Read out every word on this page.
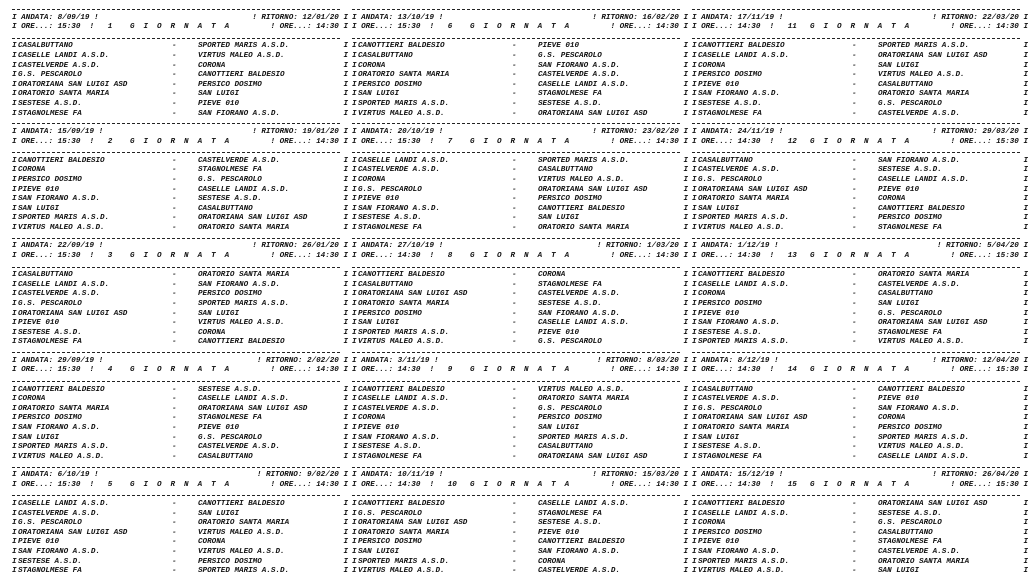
I ANDATA: 8/09/19 !	! RITORNO: 12/01/20 I
I ORE...: 15:30  !   1 G I O R N A T A	! ORE...: 14:30 I
I CASALBUTTANO	-	SPORTED MARIS A.S.D.	I
I CASELLE LANDI A.S.D.	-	VIRTUS MALEO A.S.D.	I
I CASTELVERDE A.S.D.	-	CORONA	I
I G.S. PESCAROLO	-	CANOTTIERI BALDESIO	I
I ORATORIANA SAN LUIGI ASD	-	PERSICO DOSIMO	I
I ORATORIO SANTA MARIA	-	SAN LUIGI	I
I SESTESE A.S.D.	-	PIEVE 010	I
I STAGNOLMESE FA	-	SAN FIORANO A.S.D.	I
I ANDATA: 15/09/19 !	! RITORNO: 19/01/20 I
I ORE...: 15:30  !   2 G I O R N A T A	! ORE...: 14:30 I
I CANOTTIERI BALDESIO	-	CASTELVERDE A.S.D.	I
I CORONA	-	STAGNOLMESE FA	I
I PERSICO DOSIMO	-	G.S. PESCAROLO	I
I PIEVE 010	-	CASELLE LANDI A.S.D.	I
I SAN FIORANO A.S.D.	-	SESTESE A.S.D.	I
I SAN LUIGI	-	CASALBUTTANO	I
I SPORTED MARIS A.S.D.	-	ORATORIANA SAN LUIGI ASD	I
I VIRTUS MALEO A.S.D.	-	ORATORIO SANTA MARIA	I
I ANDATA: 22/09/19 !	! RITORNO: 26/01/20 I
I ORE...: 15:30  !   3 G I O R N A T A	! ORE...: 14:30 I
I CASALBUTTANO	-	ORATORIO SANTA MARIA	I
I CASELLE LANDI A.S.D.	-	SAN FIORANO A.S.D.	I
I CASTELVERDE A.S.D.	-	PERSICO DOSIMO	I
I G.S. PESCAROLO	-	SPORTED MARIS A.S.D.	I
I ORATORIANA SAN LUIGI ASD	-	SAN LUIGI	I
I PIEVE 010	-	VIRTUS MALEO A.S.D.	I
I SESTESE A.S.D.	-	CORONA	I
I STAGNOLMESE FA	-	CANOTTIERI BALDESIO	I
I ANDATA: 29/09/19 !	! RITORNO: 2/02/20 I
I ORE...: 15:30  !   4 G I O R N A T A	! ORE...: 14:30 I
I CANOTTIERI BALDESIO	-	SESTESE A.S.D.	I
I CORONA	-	CASELLE LANDI A.S.D.	I
I ORATORIO SANTA MARIA	-	ORATORIANA SAN LUIGI ASD	I
I PERSICO DOSIMO	-	STAGNOLMESE FA	I
I SAN FIORANO A.S.D.	-	PIEVE 010	I
I SAN LUIGI	-	G.S. PESCAROLO	I
I SPORTED MARIS A.S.D.	-	CASTELVERDE A.S.D.	I
I VIRTUS MALEO A.S.D.	-	CASALBUTTANO	I
I ANDATA: 6/10/19 !	! RITORNO: 9/02/20 I
I ORE...: 15:30  !   5 G I O R N A T A	! ORE...: 14:30 I
I CASELLE LANDI A.S.D.	-	CANOTTIERI BALDESIO	I
I CASTELVERDE A.S.D.	-	SAN LUIGI	I
I G.S. PESCAROLO	-	ORATORIO SANTA MARIA	I
I ORATORIANA SAN LUIGI ASD	-	VIRTUS MALEO A.S.D.	I
I PIEVE 010	-	CORONA	I
I SAN FIORANO A.S.D.	-	VIRTUS MALEO A.S.D.	I
I SESTESE A.S.D.	-	PERSICO DOSIMO	I
I STAGNOLMESE FA	-	SPORTED MARIS A.S.D.	I
I ANDATA: 13/10/19 !	! RITORNO: 16/02/20 I
I ORE...: 15:30  !   6 G I O R N A T A	! ORE...: 14:30 I
I CANOTTIERI BALDESIO	-	PIEVE 010	I
I CASALBUTTANO	-	G.S. PESCAROLO	I
I CORONA	-	SAN FIORANO A.S.D.	I
I ORATORIO SANTA MARIA	-	CASTELVERDE A.S.D.	I
I PERSICO DOSIMO	-	CASELLE LANDI A.S.D.	I
I SAN LUIGI	-	STAGNOLMESE FA	I
I SPORTED MARIS A.S.D.	-	SESTESE A.S.D.	I
I VIRTUS MALEO A.S.D.	-	ORATORIANA SAN LUIGI ASD	I
I ANDATA: 20/10/19 !	! RITORNO: 23/02/20 I
I ORE...: 15:30  !   7 G I O R N A T A	! ORE...: 14:30 I
I CASELLE LANDI A.S.D.	-	SPORTED MARIS A.S.D.	I
I CASTELVERDE A.S.D.	-	CASALBUTTANO	I
I CORONA	-	VIRTUS MALEO A.S.D.	I
I G.S. PESCAROLO	-	ORATORIANA SAN LUIGI ASD	I
I PIEVE 010	-	PERSICO DOSIMO	I
I SAN FIORANO A.S.D.	-	CANOTTIERI BALDESIO	I
I SESTESE A.S.D.	-	SAN LUIGI	I
I STAGNOLMESE FA	-	ORATORIO SANTA MARIA	I
I ANDATA: 27/10/19 !	! RITORNO: 1/03/20 I
I ORE...: 14:30  !   8 G I O R N A T A	! ORE...: 14:30 I
I CANOTTIERI BALDESIO	-	CORONA	I
I CASALBUTTANO	-	STAGNOLMESE FA	I
I ORATORIANA SAN LUIGI ASD	-	CASTELVERDE A.S.D.	I
I ORATORIO SANTA MARIA	-	SESTESE A.S.D.	I
I PERSICO DOSIMO	-	SAN FIORANO A.S.D.	I
I SAN LUIGI	-	CASELLE LANDI A.S.D.	I
I SPORTED MARIS A.S.D.	-	PIEVE 010	I
I VIRTUS MALEO A.S.D.	-	G.S. PESCAROLO	I
I ANDATA: 3/11/19 !	! RITORNO: 8/03/20 I
I ORE...: 14:30  !   9 G I O R N A T A	! ORE...: 14:30 I
I CANOTTIERI BALDESIO	-	VIRTUS MALEO A.S.D.	I
I CASELLE LANDI A.S.D.	-	ORATORIO SANTA MARIA	I
I CASTELVERDE A.S.D.	-	G.S. PESCAROLO	I
I CORONA	-	PERSICO DOSIMO	I
I PIEVE 010	-	SAN LUIGI	I
I SAN FIORANO A.S.D.	-	SPORTED MARIS A.S.D.	I
I SESTESE A.S.D.	-	CASALBUTTANO	I
I STAGNOLMESE FA	-	ORATORIANA SAN LUIGI ASD	I
I ANDATA: 10/11/19 !	! RITORNO: 15/03/20 I
I ORE...: 14:30  !   10 G I O R N A T A	! ORE...: 14:30 I
I CANOTTIERI BALDESIO	-	CASELLE LANDI A.S.D.	I
I G.S. PESCAROLO	-	STAGNOLMESE FA	I
I ORATORIANA SAN LUIGI ASD	-	SESTESE A.S.D.	I
I ORATORIO SANTA MARIA	-	PIEVE 010	I
I PERSICO DOSIMO	-	CANOTTIERI BALDESIO	I
I SAN LUIGI	-	SAN FIORANO A.S.D.	I
I SPORTED MARIS A.S.D.	-	CORONA	I
I VIRTUS MALEO A.S.D.	-	CASTELVERDE A.S.D.	I
I ANDATA: 17/11/19 !	! RITORNO: 22/03/20 I
I ORE...: 14:30  !   11 G I O R N A T A	! ORE...: 14:30 I
I CANOTTIERI BALDESIO	-	SPORTED MARIS A.S.D.	I
I CASELLE LANDI A.S.D.	-	ORATORIANA SAN LUIGI ASD	I
I CORONA	-	SAN LUIGI	I
I PERSICO DOSIMO	-	VIRTUS MALEO A.S.D.	I
I PIEVE 010	-	CASALBUTTANO	I
I SAN FIORANO A.S.D.	-	ORATORIO SANTA MARIA	I
I SESTESE A.S.D.	-	G.S. PESCAROLO	I
I STAGNOLMESE FA	-	CASTELVERDE A.S.D.	I
I ANDATA: 24/11/19 !	! RITORNO: 29/03/20 I
I ORE...: 14:30  !   12 G I O R N A T A	! ORE...: 15:30 I
I CASALBUTTANO	-	SAN FIORANO A.S.D.	I
I CASTELVERDE A.S.D.	-	SESTESE A.S.D.	I
I G.S. PESCAROLO	-	CASELLE LANDI A.S.D.	I
I ORATORIANA SAN LUIGI ASD	-	PIEVE 010	I
I ORATORIO SANTA MARIA	-	CORONA	I
I SAN LUIGI	-	CANOTTIERI BALDESIO	I
I SPORTED MARIS A.S.D.	-	PERSICO DOSIMO	I
I VIRTUS MALEO A.S.D.	-	STAGNOLMESE FA	I
I ANDATA: 1/12/19 !	! RITORNO: 5/04/20 I
I ORE...: 14:30  !   13 G I O R N A T A	! ORE...: 15:30 I
I CANOTTIERI BALDESIO	-	ORATORIO SANTA MARIA	I
I CASELLE LANDI A.S.D.	-	CASTELVERDE A.S.D.	I
I CORONA	-	CASALBUTTANO	I
I PERSICO DOSIMO	-	SAN LUIGI	I
I PIEVE 010	-	G.S. PESCAROLO	I
I SAN FIORANO A.S.D.	-	ORATORIANA SAN LUIGI ASD	I
I SESTESE A.S.D.	-	STAGNOLMESE FA	I
I SPORTED MARIS A.S.D.	-	VIRTUS MALEO A.S.D.	I
I ANDATA: 8/12/19 !	! RITORNO: 12/04/20 I
I ORE...: 14:30  !   14 G I O R N A T A	! ORE...: 15:30 I
I CASALBUTTANO	-	CANOTTIERI BALDESIO	I
I CASTELVERDE A.S.D.	-	PIEVE 010	I
I G.S. PESCAROLO	-	SAN FIORANO A.S.D.	I
I ORATORIANA SAN LUIGI ASD	-	CORONA	I
I ORATORIO SANTA MARIA	-	PERSICO DOSIMO	I
I SAN LUIGI	-	SPORTED MARIS A.S.D.	I
I SESTESE A.S.D.	-	VIRTUS MALEO A.S.D.	I
I STAGNOLMESE FA	-	CASELLE LANDI A.S.D.	I
I ANDATA: 15/12/19 !	! RITORNO: 26/04/20 I
I ORE...: 14:30  !   15 G I O R N A T A	! ORE...: 15:30 I
I CANOTTIERI BALDESIO	-	ORATORIANA SAN LUIGI ASD	I
I CASELLE LANDI A.S.D.	-	SESTESE A.S.D.	I
I CORONA	-	G.S. PESCAROLO	I
I PERSICO DOSIMO	-	CASALBUTTANO	I
I PIEVE 010	-	STAGNOLMESE FA	I
I SAN FIORANO A.S.D.	-	CASTELVERDE A.S.D.	I
I SPORTED MARIS A.S.D.	-	ORATORIO SANTA MARIA	I
I VIRTUS MALEO A.S.D.	-	SAN LUIGI	I
